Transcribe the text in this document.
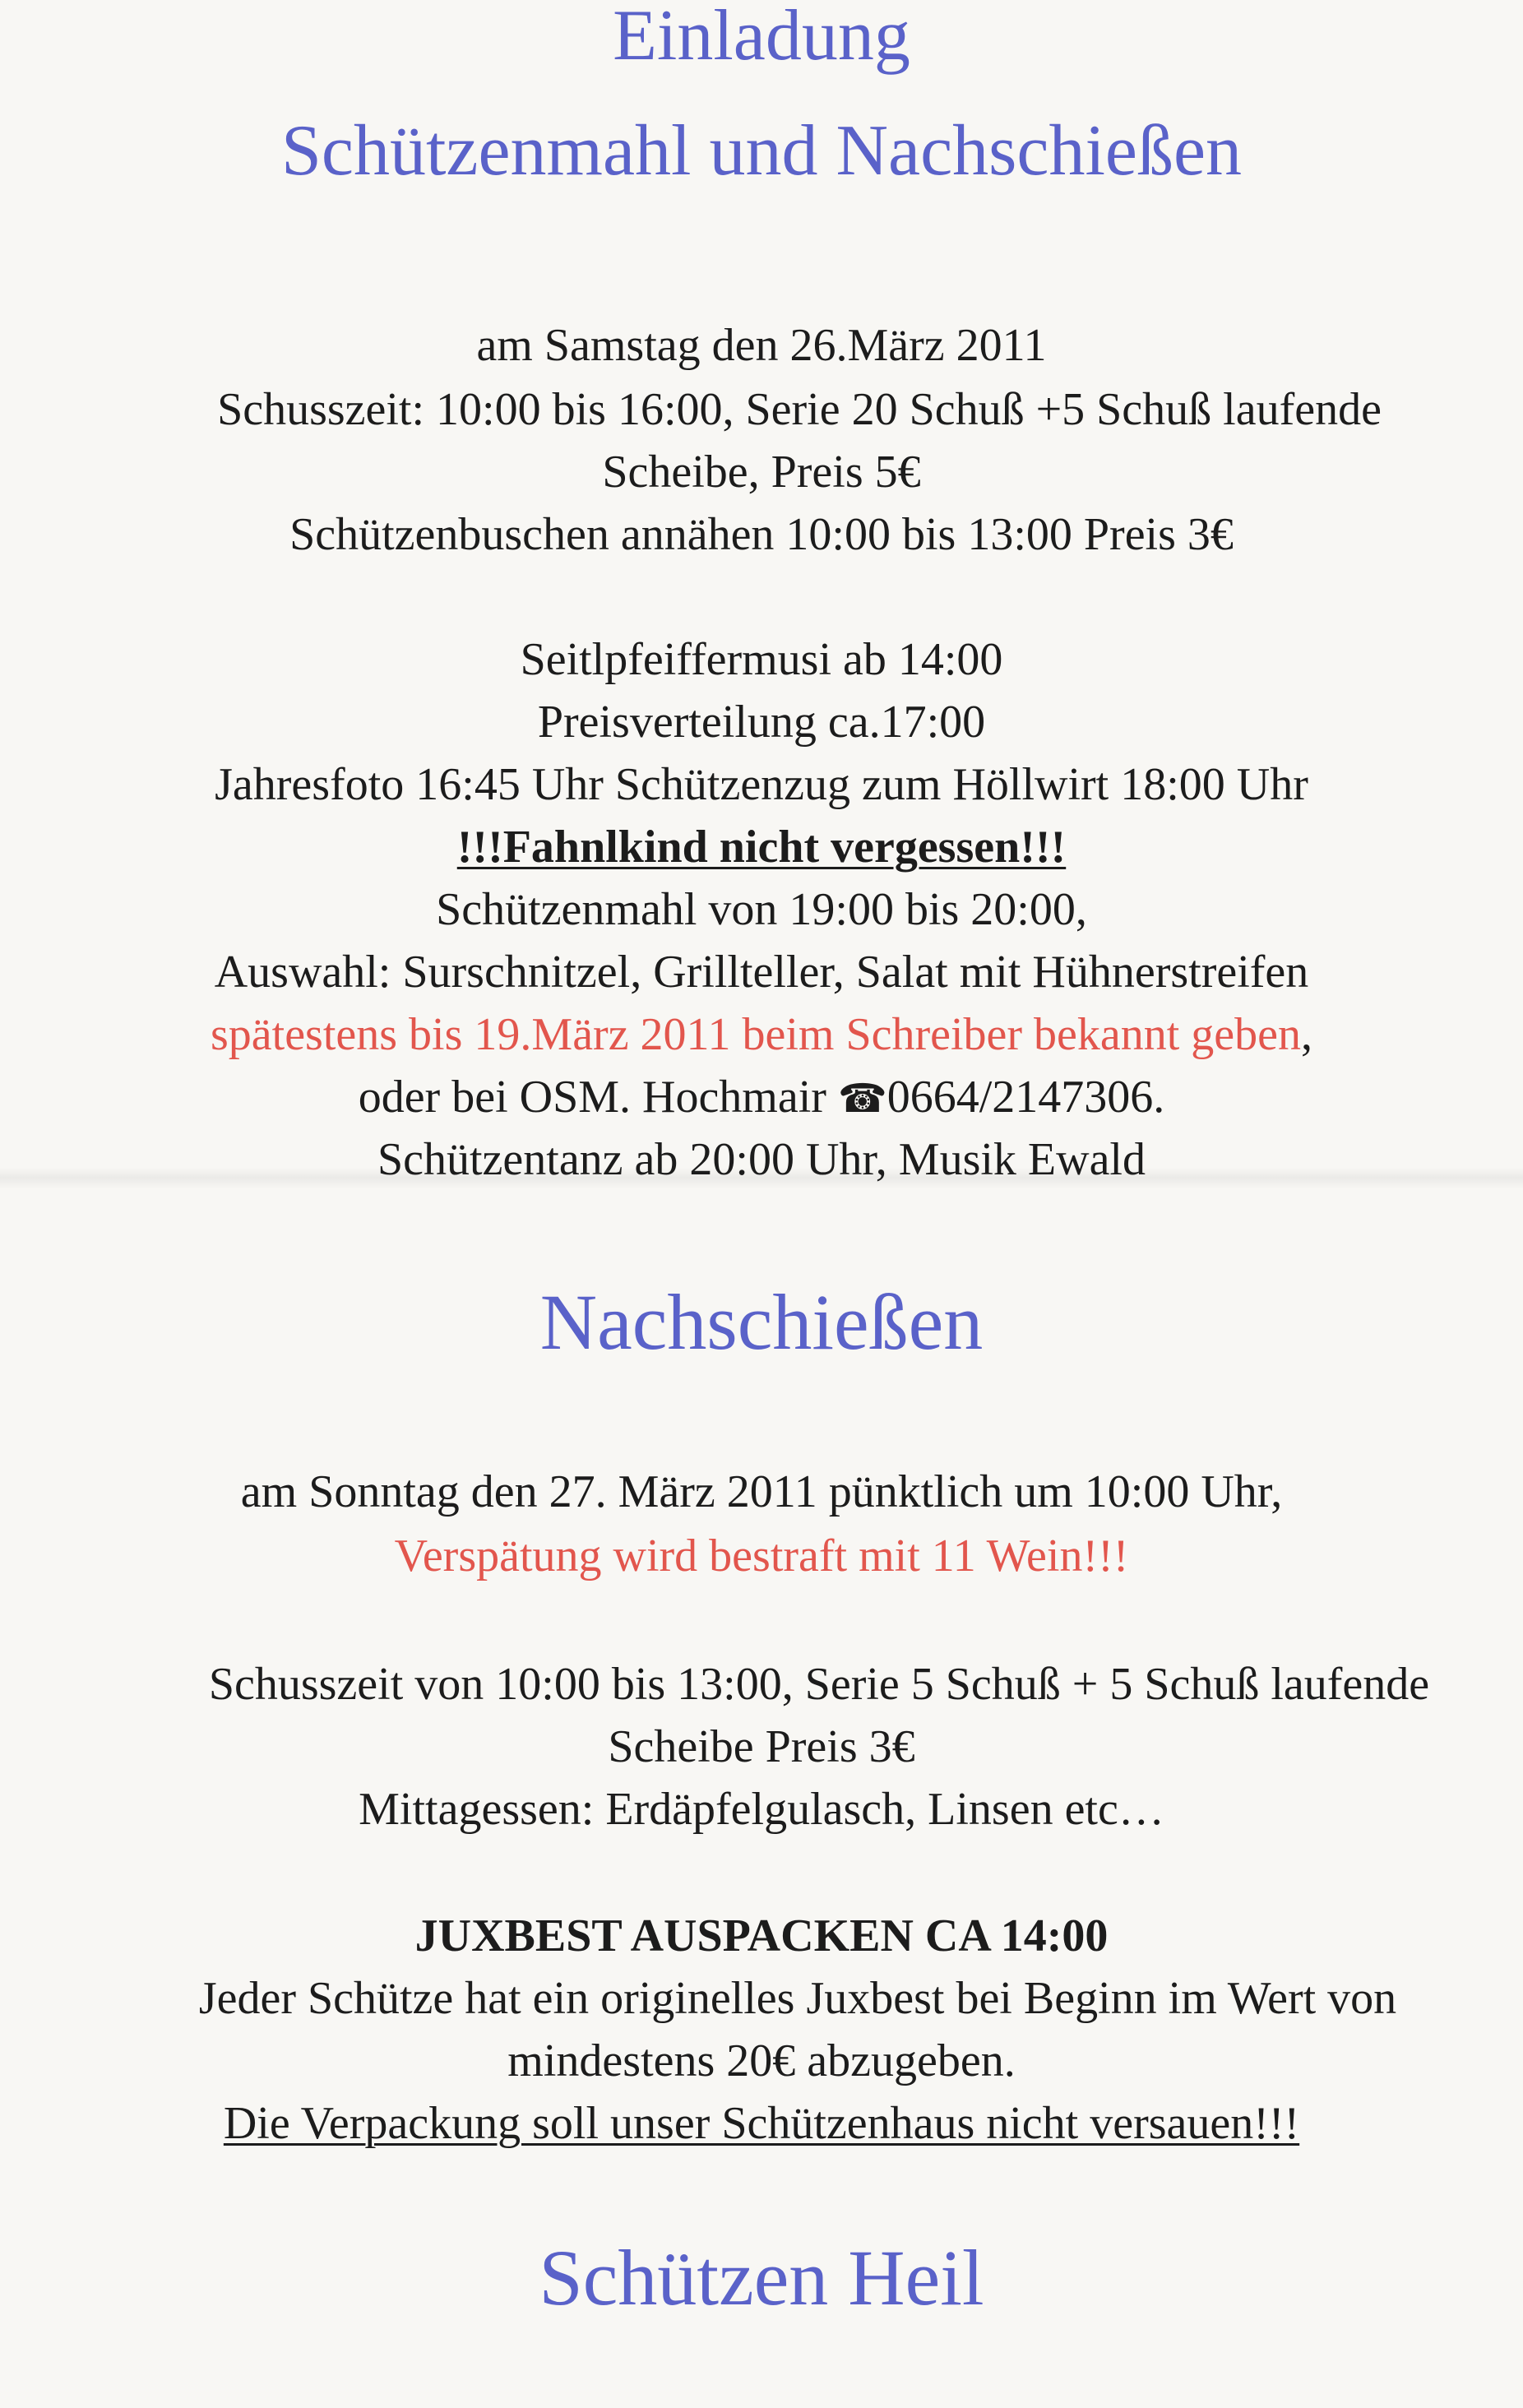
Einladung
Schützenmahl und Nachschießen
am Samstag den 26.März 2011
Schusszeit: 10:00 bis 16:00, Serie 20 Schuß +5 Schuß laufende
Scheibe, Preis 5€
Schützenbuschen annähen 10:00 bis 13:00 Preis 3€
Seitlpfeiffermusi ab 14:00
Preisverteilung ca.17:00
Jahresfoto 16:45 Uhr Schützenzug zum Höllwirt 18:00 Uhr
!!!Fahnlkind nicht vergessen!!!
Schützenmahl von 19:00 bis 20:00,
Auswahl: Surschnitzel, Grillteller, Salat mit Hühnerstreifen
spätestens bis 19.März 2011 beim Schreiber bekannt geben,
oder bei OSM. Hochmair ☎0664/2147306.
Schützentanz ab 20:00 Uhr, Musik Ewald
Nachschießen
am Sonntag den 27. März 2011 pünktlich um 10:00 Uhr,
Verspätung wird bestraft mit 11 Wein!!!
Schusszeit von 10:00 bis 13:00, Serie 5 Schuß + 5 Schuß laufende
Scheibe Preis 3€
Mittagessen: Erdäpfelgulasch, Linsen etc…
JUXBEST AUSPACKEN CA 14:00
Jeder Schütze hat ein originelles Juxbest bei Beginn im Wert von
mindestens 20€ abzugeben.
Die Verpackung soll unser Schützenhaus nicht versauen!!!
Schützen Heil
